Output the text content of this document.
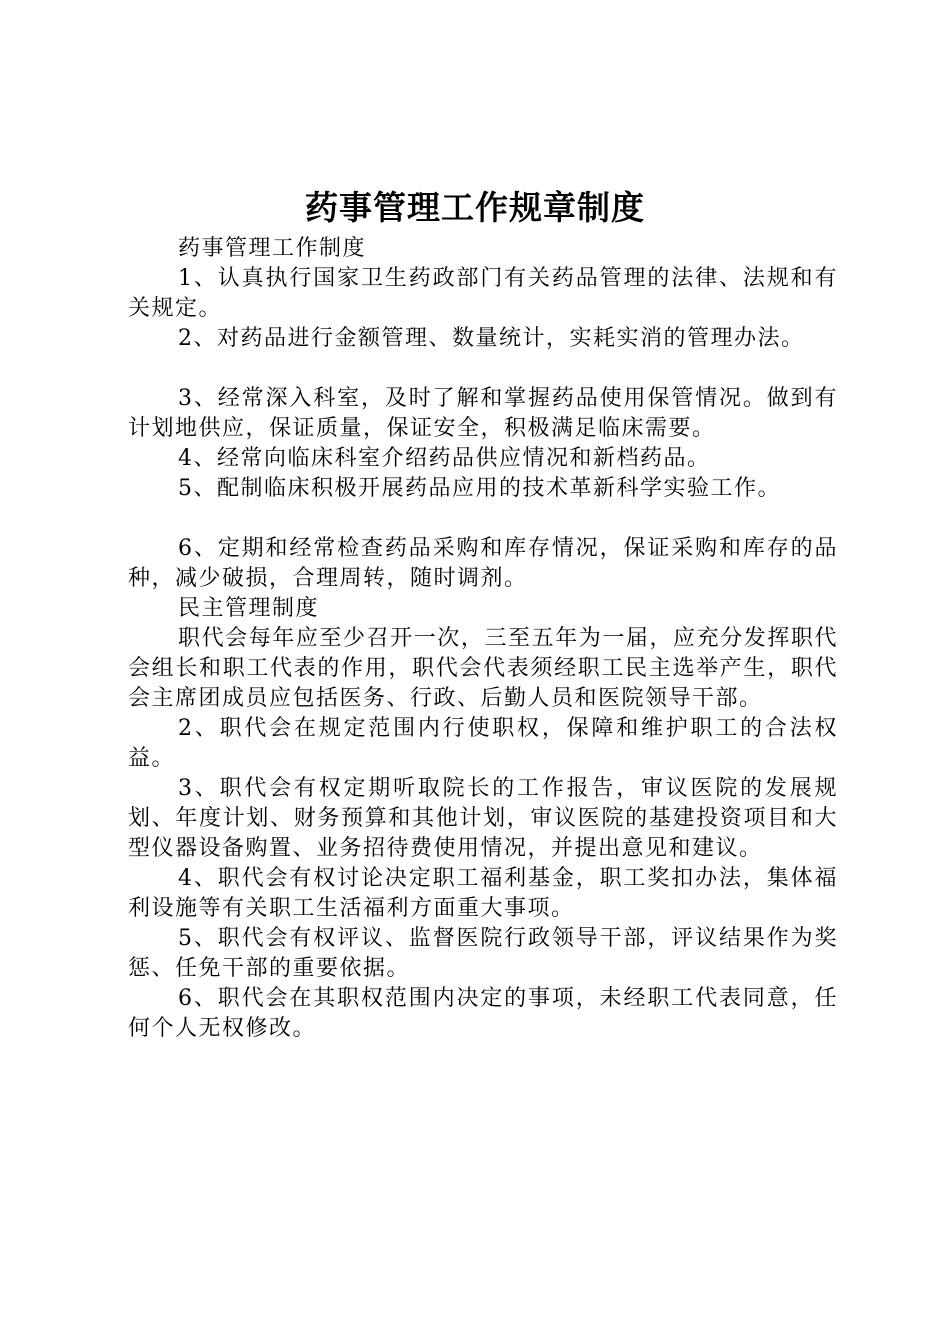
药事管理工作规章制度

药事管理工作制度

1、认真执行国家卫生药政部门有关药品管理的法律、法规和有关规定。

2、对药品进行金额管理、数量统计，实耗实消的管理办法。

3、经常深入科室，及时了解和掌握药品使用保管情况。做到有计划地供应，保证质量，保证安全，积极满足临床需要。

4、经常向临床科室介绍药品供应情况和新档药品。

5、配制临床积极开展药品应用的技术革新科学实验工作。

6、定期和经常检查药品采购和库存情况，保证采购和库存的品种，减少破损，合理周转，随时调剂。

民主管理制度

职代会每年应至少召开一次，三至五年为一届，应充分发挥职代会组长和职工代表的作用，职代会代表须经职工民主选举产生，职代会主席团成员应包括医务、行政、后勤人员和医院领导干部。

2、职代会在规定范围内行使职权，保障和维护职工的合法权益。

3、职代会有权定期听取院长的工作报告，审议医院的发展规划、年度计划、财务预算和其他计划，审议医院的基建投资项目和大型仪器设备购置、业务招待费使用情况，并提出意见和建议。

4、职代会有权讨论决定职工福利基金，职工奖扣办法，集体福利设施等有关职工生活福利方面重大事项。

5、职代会有权评议、监督医院行政领导干部，评议结果作为奖惩、任免干部的重要依据。

6、职代会在其职权范围内决定的事项，未经职工代表同意，任何个人无权修改。
